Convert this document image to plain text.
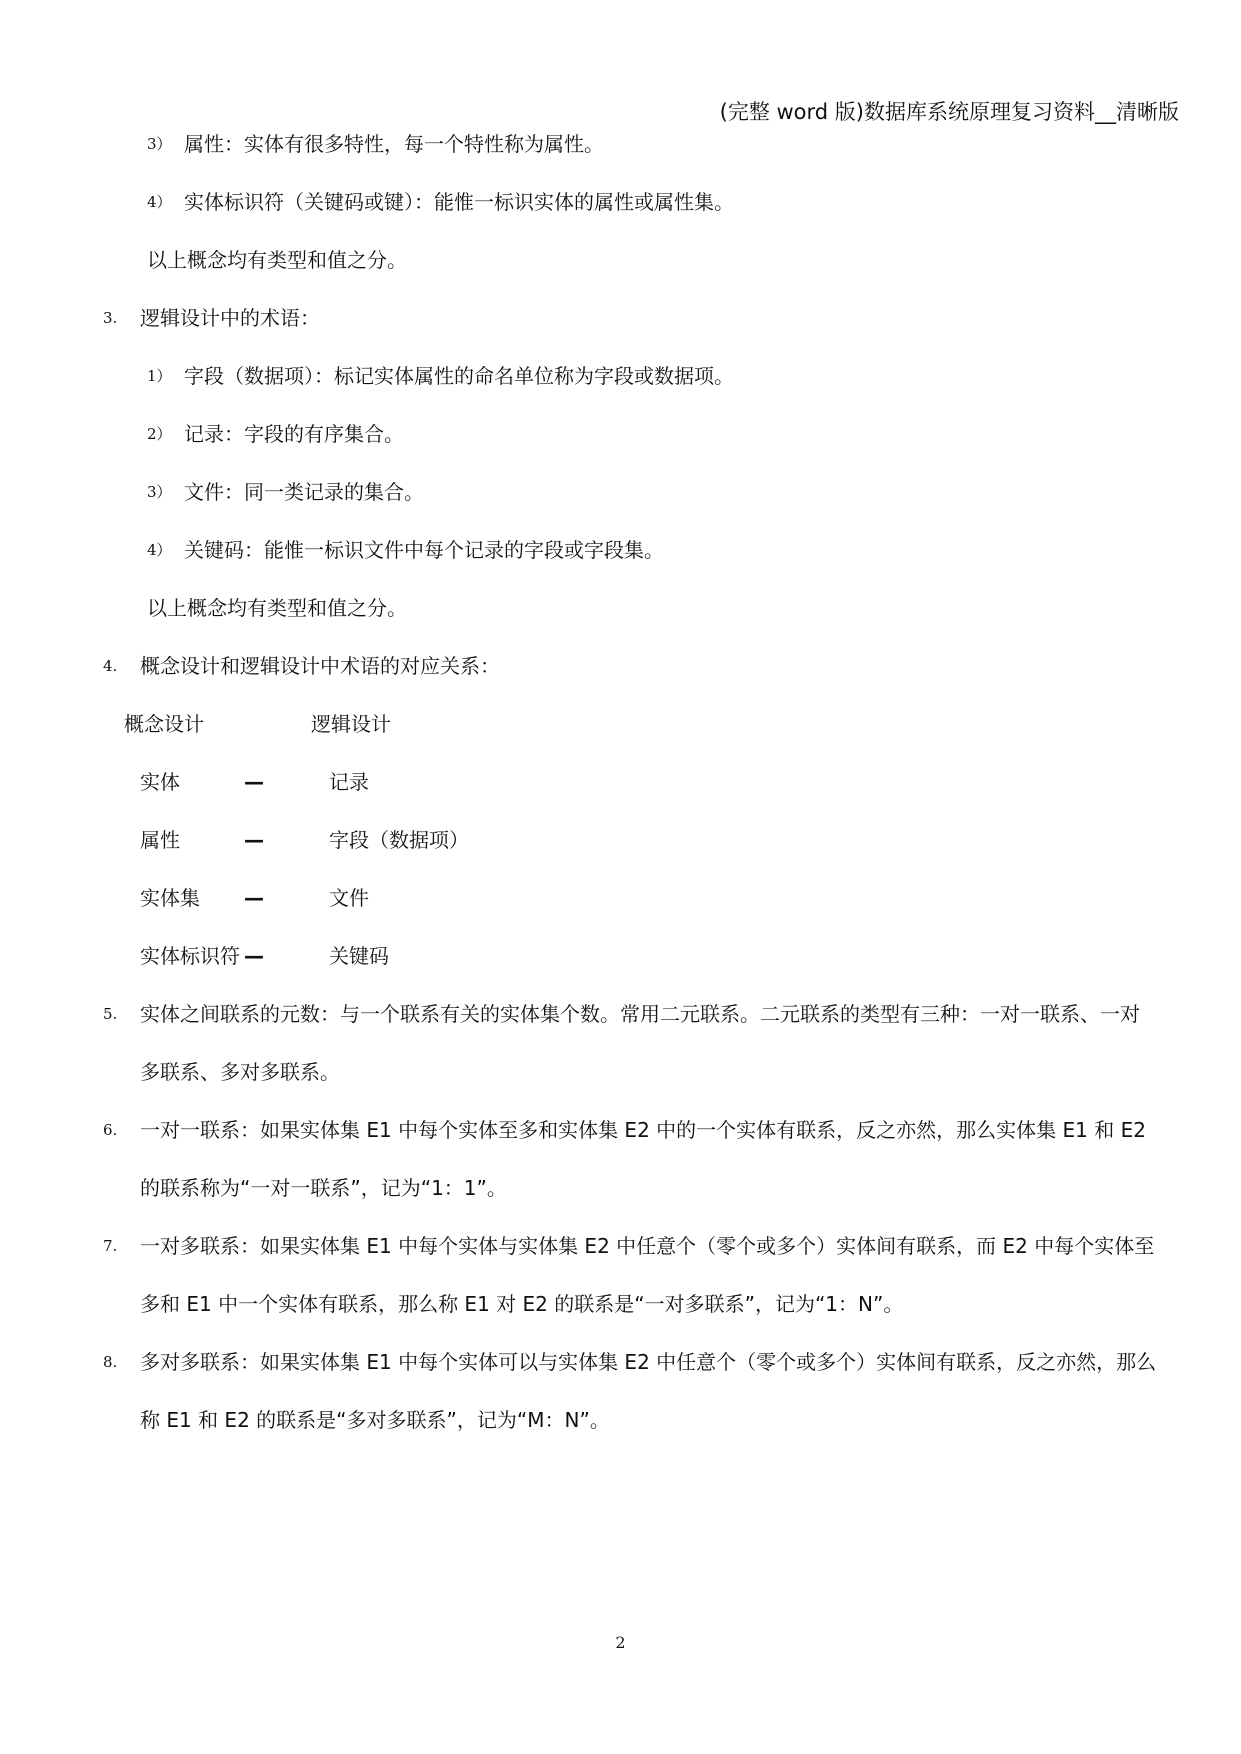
(完整 word 版)数据库系统原理复习资料__清晰版
3） 属性：实体有很多特性，每一个特性称为属性。
4） 实体标识符（关键码或键）：能惟一标识实体的属性或属性集。
以上概念均有类型和值之分。
3. 逻辑设计中的术语：
1） 字段（数据项）：标记实体属性的命名单位称为字段或数据项。
2） 记录：字段的有序集合。
3） 文件：同一类记录的集合。
4） 关键码：能惟一标识文件中每个记录的字段或字段集。
以上概念均有类型和值之分。
4. 概念设计和逻辑设计中术语的对应关系：
概念设计	逻辑设计
实体	—	记录
属性	—	字段（数据项）
实体集 —	文件
实体标识符 —	关键码
5. 实体之间联系的元数：与一个联系有关的实体集个数。常用二元联系。二元联系的类型有三种：一对一联系、一对
多联系、多对多联系。
6. 一对一联系：如果实体集 E1 中每个实体至多和实体集 E2 中的一个实体有联系，反之亦然，那么实体集 E1 和 E2
的联系称为“一对一联系”，记为“1：1”。
7. 一对多联系：如果实体集 E1 中每个实体与实体集 E2 中任意个（零个或多个）实体间有联系，而 E2 中每个实体至
多和 E1 中一个实体有联系，那么称 E1 对 E2 的联系是“一对多联系”，记为“1：N”。
8. 多对多联系：如果实体集 E1 中每个实体可以与实体集 E2 中任意个（零个或多个）实体间有联系，反之亦然，那么
称 E1 和 E2 的联系是“多对多联系”，记为“M：N”。
2
